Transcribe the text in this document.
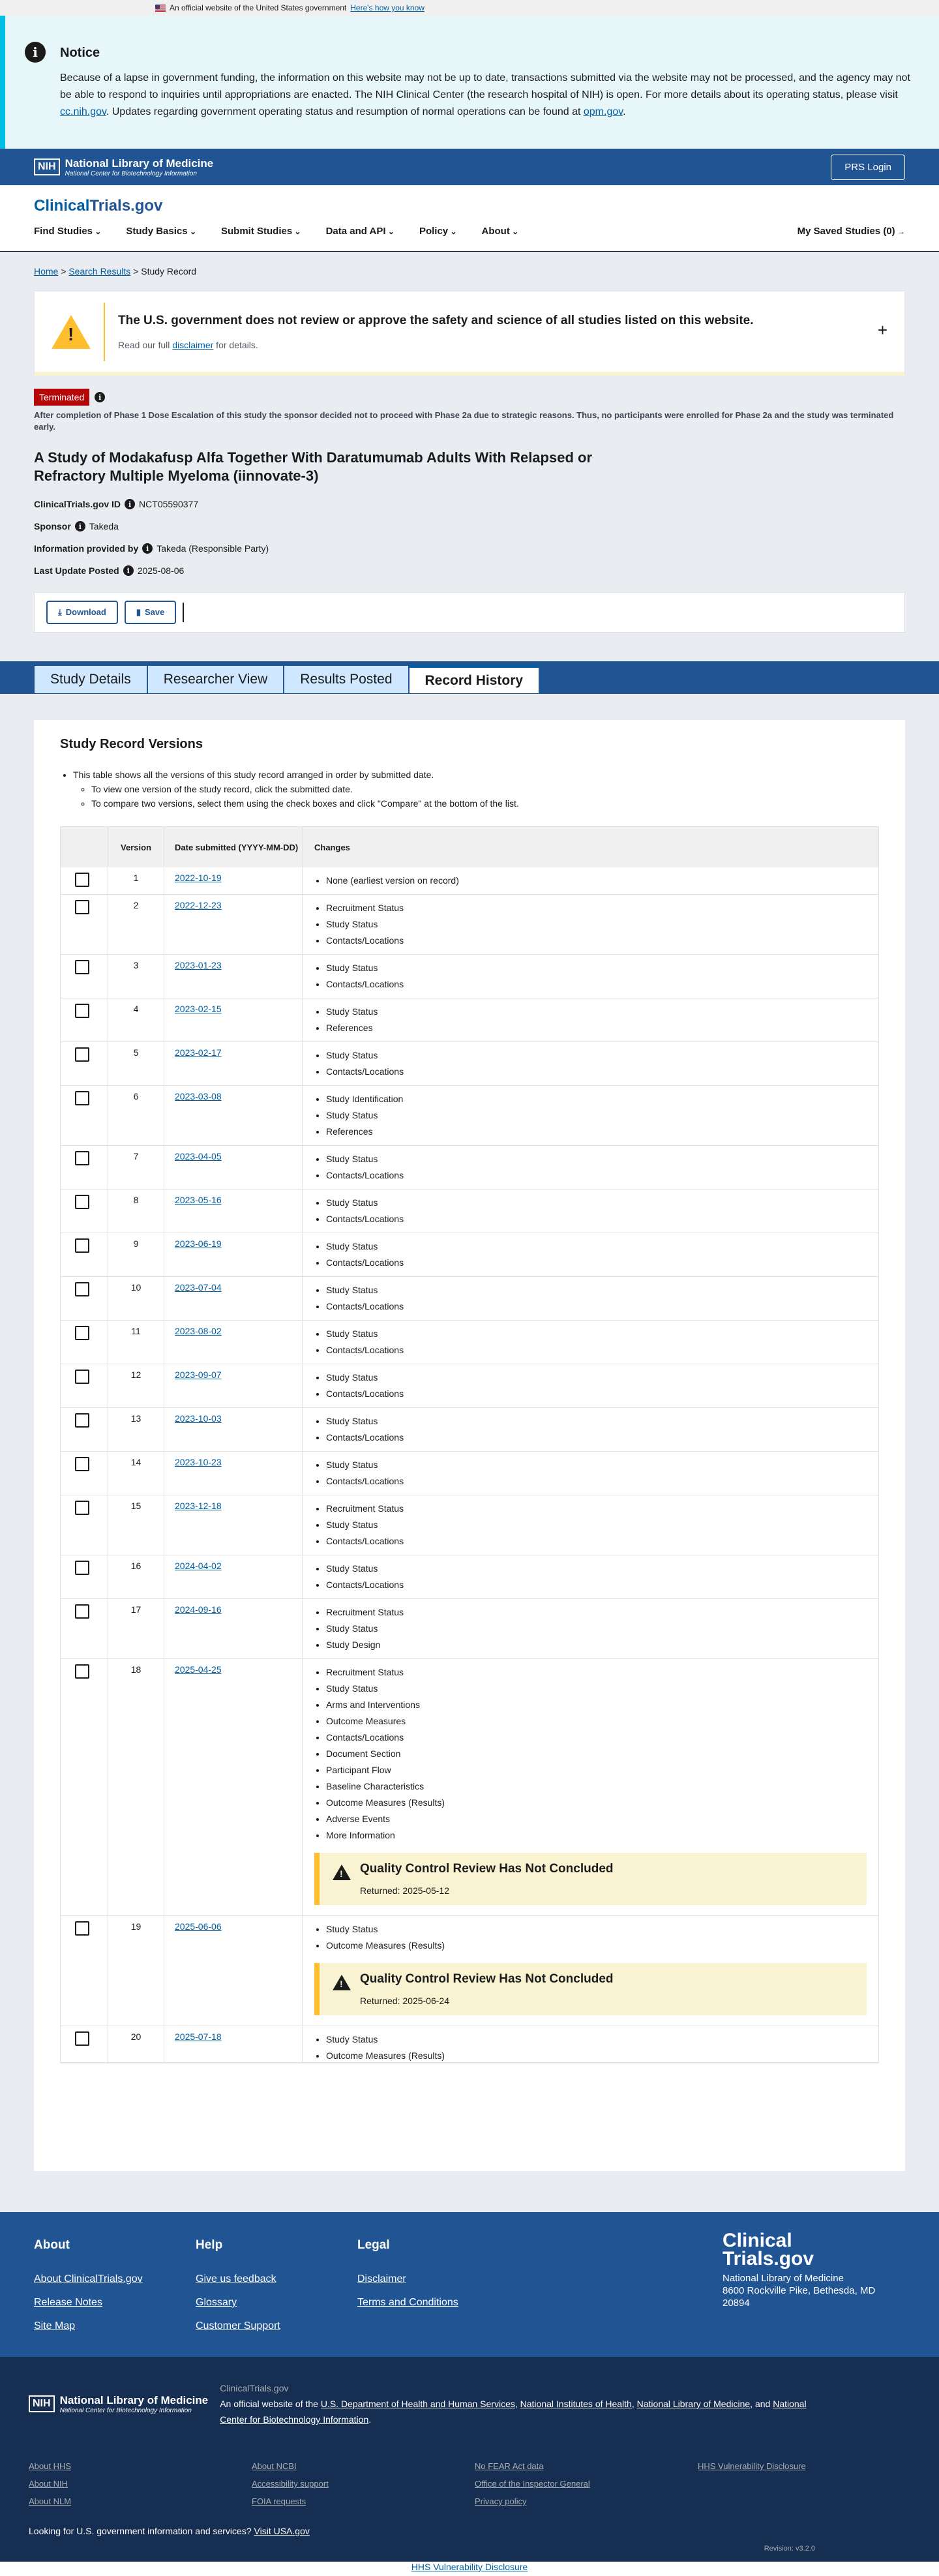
An official website of the United States government Here's how you know
i	Notice

Because of a lapse in government funding, the information on this website may not be up to date, transactions submitted via the website may not be processed, and the agency may not be able to respond to inquiries until appropriations are enacted. The NIH Clinical Center (the research hospital of NIH) is open. For more details about its operating status, please visit cc.nih.gov. Updates regarding government operating status and resumption of normal operations can be found at opm.gov.

NIH National Library of Medicine
National Center for Biotechnology Information
PRS Login
ClinicalTrials.gov
Find Studies ⌄	Study Basics ⌄	Submit Studies ⌄	Data and API ⌄	Policy ⌄	About ⌄	My Saved Studies (0) →
Home > Search Results > Study Record
!
The U.S. government does not review or approve the safety and science of all studies listed on this website.
Read our full disclaimer for details.
+
Terminated	i
After completion of Phase 1 Dose Escalation of this study the sponsor decided not to proceed with Phase 2a due to strategic reasons. Thus, no participants were enrolled for Phase 2a and the study was terminated early.
A Study of Modakafusp Alfa Together With Daratumumab Adults With Relapsed or Refractory Multiple Myeloma (iinnovate-3)
ClinicalTrials.gov ID	i NCT05590377
Sponsor	i Takeda
Information provided by	i Takeda (Responsible Party)
Last Update Posted	i 2025-08-06
⤓ Download	▮ Save
Study Details	Researcher View	Results Posted	Record History
Study Record Versions
• This table shows all the versions of this study record arranged in order by submitted date.
◦ To view one version of the study record, click the submitted date.
◦ To compare two versions, select them using the check boxes and click "Compare" at the bottom of the list.
Version	Date submitted (YYYY-MM-DD)	Changes
1	2022-10-19	• None (earliest version on record)
2	2022-12-23	• Recruitment Status
• Study Status
• Contacts/Locations
3	2023-01-23	• Study Status
• Contacts/Locations
4	2023-02-15	• Study Status
• References
5	2023-02-17	• Study Status
• Contacts/Locations
6	2023-03-08	• Study Identification
• Study Status
• References
7	2023-04-05	• Study Status
• Contacts/Locations
8	2023-05-16	• Study Status
• Contacts/Locations
9	2023-06-19	• Study Status
• Contacts/Locations
10	2023-07-04	• Study Status
• Contacts/Locations
11	2023-08-02	• Study Status
• Contacts/Locations
12	2023-09-07	• Study Status
• Contacts/Locations
13	2023-10-03	• Study Status
• Contacts/Locations
14	2023-10-23	• Study Status
• Contacts/Locations
15	2023-12-18	• Recruitment Status
• Study Status
• Contacts/Locations
16	2024-04-02	• Study Status
• Contacts/Locations
17	2024-09-16	• Recruitment Status
• Study Status
• Study Design
18	2025-04-25	• Recruitment Status
• Study Status
• Arms and Interventions
• Outcome Measures
• Contacts/Locations
• Document Section
• Participant Flow
• Baseline Characteristics
• Outcome Measures (Results)
• Adverse Events
• More Information
!
Quality Control Review Has Not Concluded
Returned: 2025-05-12
19	2025-06-06	• Study Status
• Outcome Measures (Results)
!
Quality Control Review Has Not Concluded
Returned: 2025-06-24
20	2025-07-18	• Study Status
• Outcome Measures (Results)
About
About ClinicalTrials.gov
Release Notes
Site Map
Help
Give us feedback
Glossary
Customer Support
Legal
Disclaimer
Terms and Conditions
Clinical
Trials.gov
National Library of Medicine
8600 Rockville Pike, Bethesda, MD
20894
NIH National Library of Medicine
National Center for Biotechnology Information
ClinicalTrials.gov
An official website of the U.S. Department of Health and Human Services, National Institutes of Health, National Library of Medicine, and National Center for Biotechnology Information.
About HHS	About NCBI	No FEAR Act data	HHS Vulnerability Disclosure
About NIH	Accessibility support	Office of the Inspector General
About NLM	FOIA requests	Privacy policy
Looking for U.S. government information and services? Visit USA.gov
Revision: v3.2.0
HHS Vulnerability Disclosure
